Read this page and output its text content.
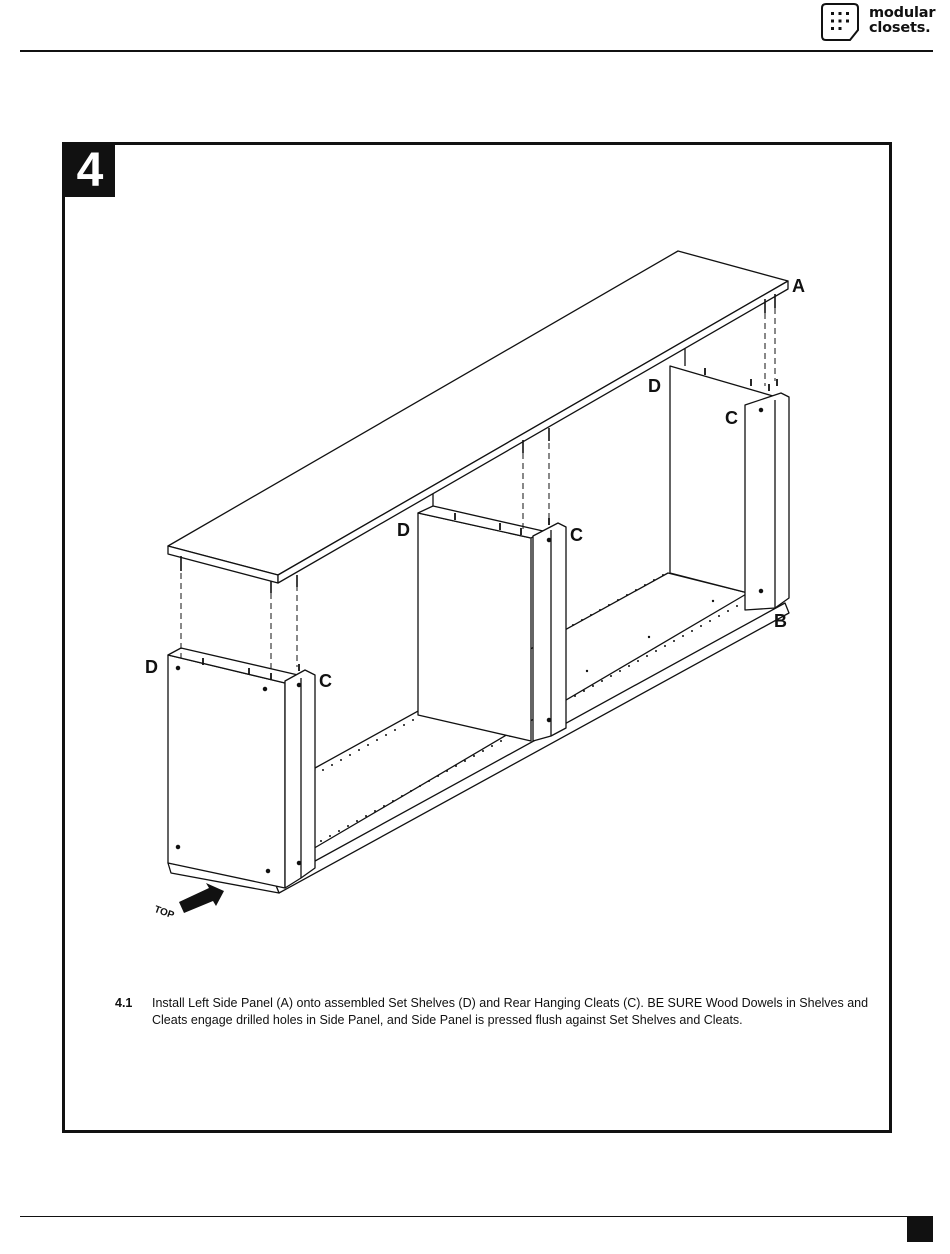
modular
closets.
4
A
D
C
B
D	C
D
C
TOP
4.1 Install Left Side Panel (A) onto assembled Set Shelves (D) and Rear Hanging Cleats (C). BE SURE Wood Dowels in Shelves and Cleats engage drilled holes in Side Panel, and Side Panel is pressed flush against Set Shelves and Cleats.
